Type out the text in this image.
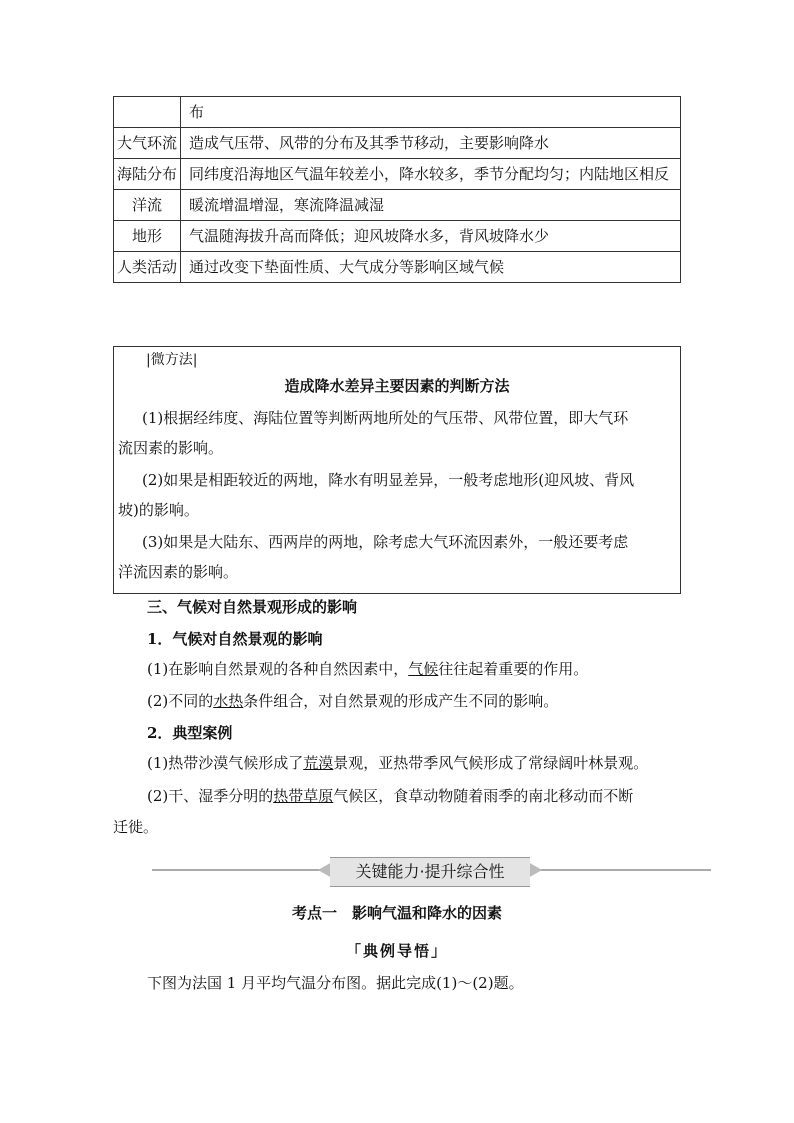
	布
大气环流	造成气压带、风带的分布及其季节移动，主要影响降水
海陆分布	同纬度沿海地区气温年较差小，降水较多，季节分配均匀；内陆地区相反
洋流	暖流增温增湿，寒流降温减湿
地形	气温随海拔升高而降低；迎风坡降水多，背风坡降水少
人类活动	通过改变下垫面性质、大气成分等影响区域气候
|微方法|
造成降水差异主要因素的判断方法
(1)根据经纬度、海陆位置等判断两地所处的气压带、风带位置，即大气环
流因素的影响。
(2)如果是相距较近的两地，降水有明显差异，一般考虑地形(迎风坡、背风
坡)的影响。
(3)如果是大陆东、西两岸的两地，除考虑大气环流因素外，一般还要考虑
洋流因素的影响。
三、气候对自然景观形成的影响
1．气候对自然景观的影响
(1)在影响自然景观的各种自然因素中，气候往往起着重要的作用。
(2)不同的水热条件组合，对自然景观的形成产生不同的影响。
2．典型案例
(1)热带沙漠气候形成了荒漠景观，亚热带季风气候形成了常绿阔叶林景观。
(2)干、湿季分明的热带草原气候区，食草动物随着雨季的南北移动而不断
迁徙。
关键能力·提升综合性
考点一　影响气温和降水的因素
「典例导悟」
下图为法国 1 月平均气温分布图。据此完成(1)～(2)题。
